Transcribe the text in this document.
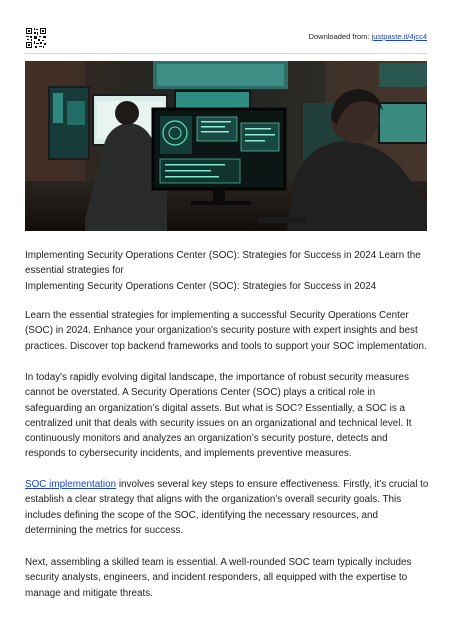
Downloaded from: justpaste.it/4jcc4

Implementing Security Operations Center (SOC): Strategies for Success in 2024 Learn the

essential strategies for

Implementing Security Operations Center (SOC): Strategies for Success in 2024

Learn the essential strategies for implementing a successful Security Operations Center (SOC) in 2024. Enhance your organization's security posture with expert insights and best practices. Discover top backend frameworks and tools to support your SOC implementation.

In today's rapidly evolving digital landscape, the importance of robust security measures cannot be overstated. A Security Operations Center (SOC) plays a critical role in safeguarding an organization’s digital assets. But what is SOC? Essentially, a SOC is a centralized unit that deals with security issues on an organizational and technical level. It continuously monitors and analyzes an organization’s security posture, detects and responds to cybersecurity incidents, and implements preventive measures.

SOC implementation involves several key steps to ensure effectiveness. Firstly, it’s crucial to establish a clear strategy that aligns with the organization’s overall security goals. This includes defining the scope of the SOC, identifying the necessary resources, and determining the metrics for success.

Next, assembling a skilled team is essential. A well-rounded SOC team typically includes security analysts, engineers, and incident responders, all equipped with the expertise to manage and mitigate threats.
